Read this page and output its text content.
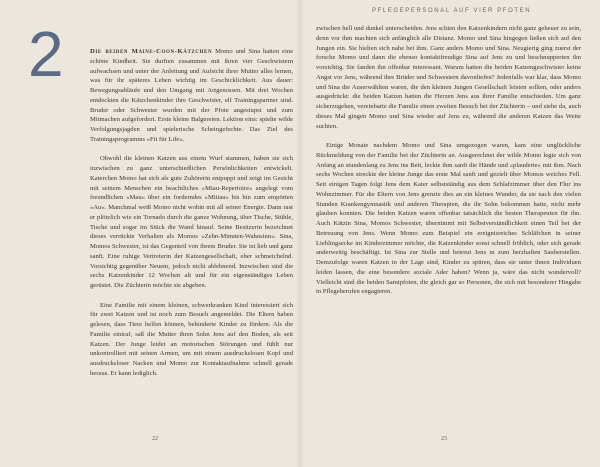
2	Die beiden Maine-Coon-Kätzchen Momo und Sina hatten eine schöne Kindheit. Sie durften zusammen mit ihren vier Geschwistern aufwachsen und unter der Anleitung und Aufsicht ihrer Mutter alles lernen, was für ihr späteres Leben wichtig im Geschicklichkeit. Aus dauer: Bewegungsabläufe und den Umgang mit Artgenossen. Mit drei Wochen entdeckten die Kätzchenkinder ihre Geschwister, elf Trainingspartner sind. Bruder oder Schwester wurden mit der Pfote angestupst und zum Mitmachen aufgefordert. Erste kleine Balgereien. Lektion eins: spielte wilde Verfolgungsjagden und spielerische Scheingefechte. Das Ziel des Trainingsprogramms »Fit für Life«.

Obwohl die kleinen Katzen aus einem Wurf stammen, haben sie sich inzwischen zu ganz unterschiedlichen Persönlichkeiten entwickelt. Katerchen Momo hat sich als gute Zuhörerin entpuppt und zeigt im Gesicht mit seinem Menschen ein beachtliches »Miau-Repertoire« angelegt vom freundlichen »Mau« über ein forderndes »Miiiau« bis hin zum empörten »Au«. Manchmal weiß Momo nicht wohin mit all seiner Energie. Dann rast er plötzlich wie ein Tornado durch die ganze Wohnung, über Tische, Stühle, Tische und sogar im Stück die Wand hinauf. Seine Besitzerin bezeichnet dieses verrückte Verhalten als Momos »Zehn-Minuten-Wahnsinn«. Sina, Momos Schwester, ist das Gegenteil von ihrem Bruder. Sie ist lieb und ganz sanft. Eine ruhige Vertreterin der Katzengesellschaft, eher schmeichelnd. Vorsichtig gegenüber Neuem, jedoch nicht ablehnend. Inzwischen sind die sechs Katzenkinder 12 Wochen alt und für ein eigenständiges Leben gerüstet. Die Züchterin möchte sie abgeben.

Eine Familie mit einem kleinen, schwerkranken Kind interessiert sich für zwei Katzen und ist noch zum Besuch angemeldet. Die Eltern haben gelesen, dass Tiere helfen können, behinderte Kinder zu fördern. Als die Familie eintraf, saß die Mutter ihren Sohn Jens auf den Boden, als seit Katzen. Der Junge leidet an motorischen Störungen und fühlt nur unkontrolliert mit seinen Armen, um mit einem ausdruckslosen Kopf und ausdrucksloser Nacken und Momo zur Kontaktaufnahme schnell gerade heraus. Er kann lediglich.

22
PFLEGEPERSONAL AUF VIER PFOTEN

zwischen hell und dunkel unterscheiden. Jens schien den Katzenkindern nicht ganz geheuer zu sein, denn vor ihm machten sich anfänglich alle Distanz. Momo und Sina hingegen ließen sich auf den Jungen ein. Sie hielten sich nahe bei ihm. Ganz anders Momo und Sina. Neugierig ging zuerst der forsche Momo und dann die ebenso kontaktfreudige Sina auf Jens zu und beschnupperten ihn vorsichtig. Sie fanden ihn offenbar interessant. Warum hatten die beiden Katzengeschwister keine Angst vor Jens, während ihre Brüder und Schwestern davonliefen? Jedenfalls war klar, dass Momo und Sina die Auserwählten waren, die den kleinen Jungen Gesellschaft leisten sollten, oder anders ausgedrückt: die beiden Katzen hatten die Herzen Jens aus ihrer Familie entschieden. Um ganz sicherzugehen, vereinbarte die Familie einen zweiten Besuch bei der Züchterin – und siehe da, auch dieses Mal gingen Momo und Sina wieder auf Jens zu, während die anderen Katzen das Weite suchten.

Einige Monate nachdem Momo und Sina umgezogen waren, kam eine unglückliche Rückmeldung von der Familie bei der Züchterin an. Ausgerechnet der wilde Momo legte sich von Anfang an stundenlang zu Jens ins Bett, leckte ihm sanft die Hände und »plauderte« mit ihm. Nach sechs Wochen streckte der kleine Junge das erste Mal sanft und gezielt über Momos weiches Fell. Seit einigen Tagen folgt Jens dem Kater selbstständig aus dem Schlafzimmer über den Flur ins Wohnzimmer. Für die Eltern von Jens grenzte dies an ein kleines Wunder, da sie nach den vielen Stunden Krankengymnastik und anderen Therapien, die ihr Sohn bekommen hatte, nicht mehr glauben konnten. Die beiden Katzen waren offenbar tatsächlich die besten Therapeuten für ihn. Auch Kätzin Sina, Momos Schwester, übernimmt mit Selbstverständlichkeit einen Teil bei der Betreuung von Jens. Wenn Momo zum Beispiel ein ereignisreiches Schläfchen in seiner Lieblingsecke im Kinderzimmer möchte, die Katzenkinder sonst schnell fröhlich, oder sich gerade anderweitig beschäftigt. Ist Sina zur Stelle und betreut Jens in zum herzhaften Sauberstellen. Demzufolge waren Katzen in der Lage sind, Kinder zu spüren, dass sie unter ihnen Individuen leiden lassen, die eine besondere soziale Ader haben? Wenn ja, wäre das nicht wundervoll? Vielleicht sind die beiden Samtpfoten, die gleich gar so Personen, die sich mit besonderer Hingabe in Pflegeberufen engagieren.

23
